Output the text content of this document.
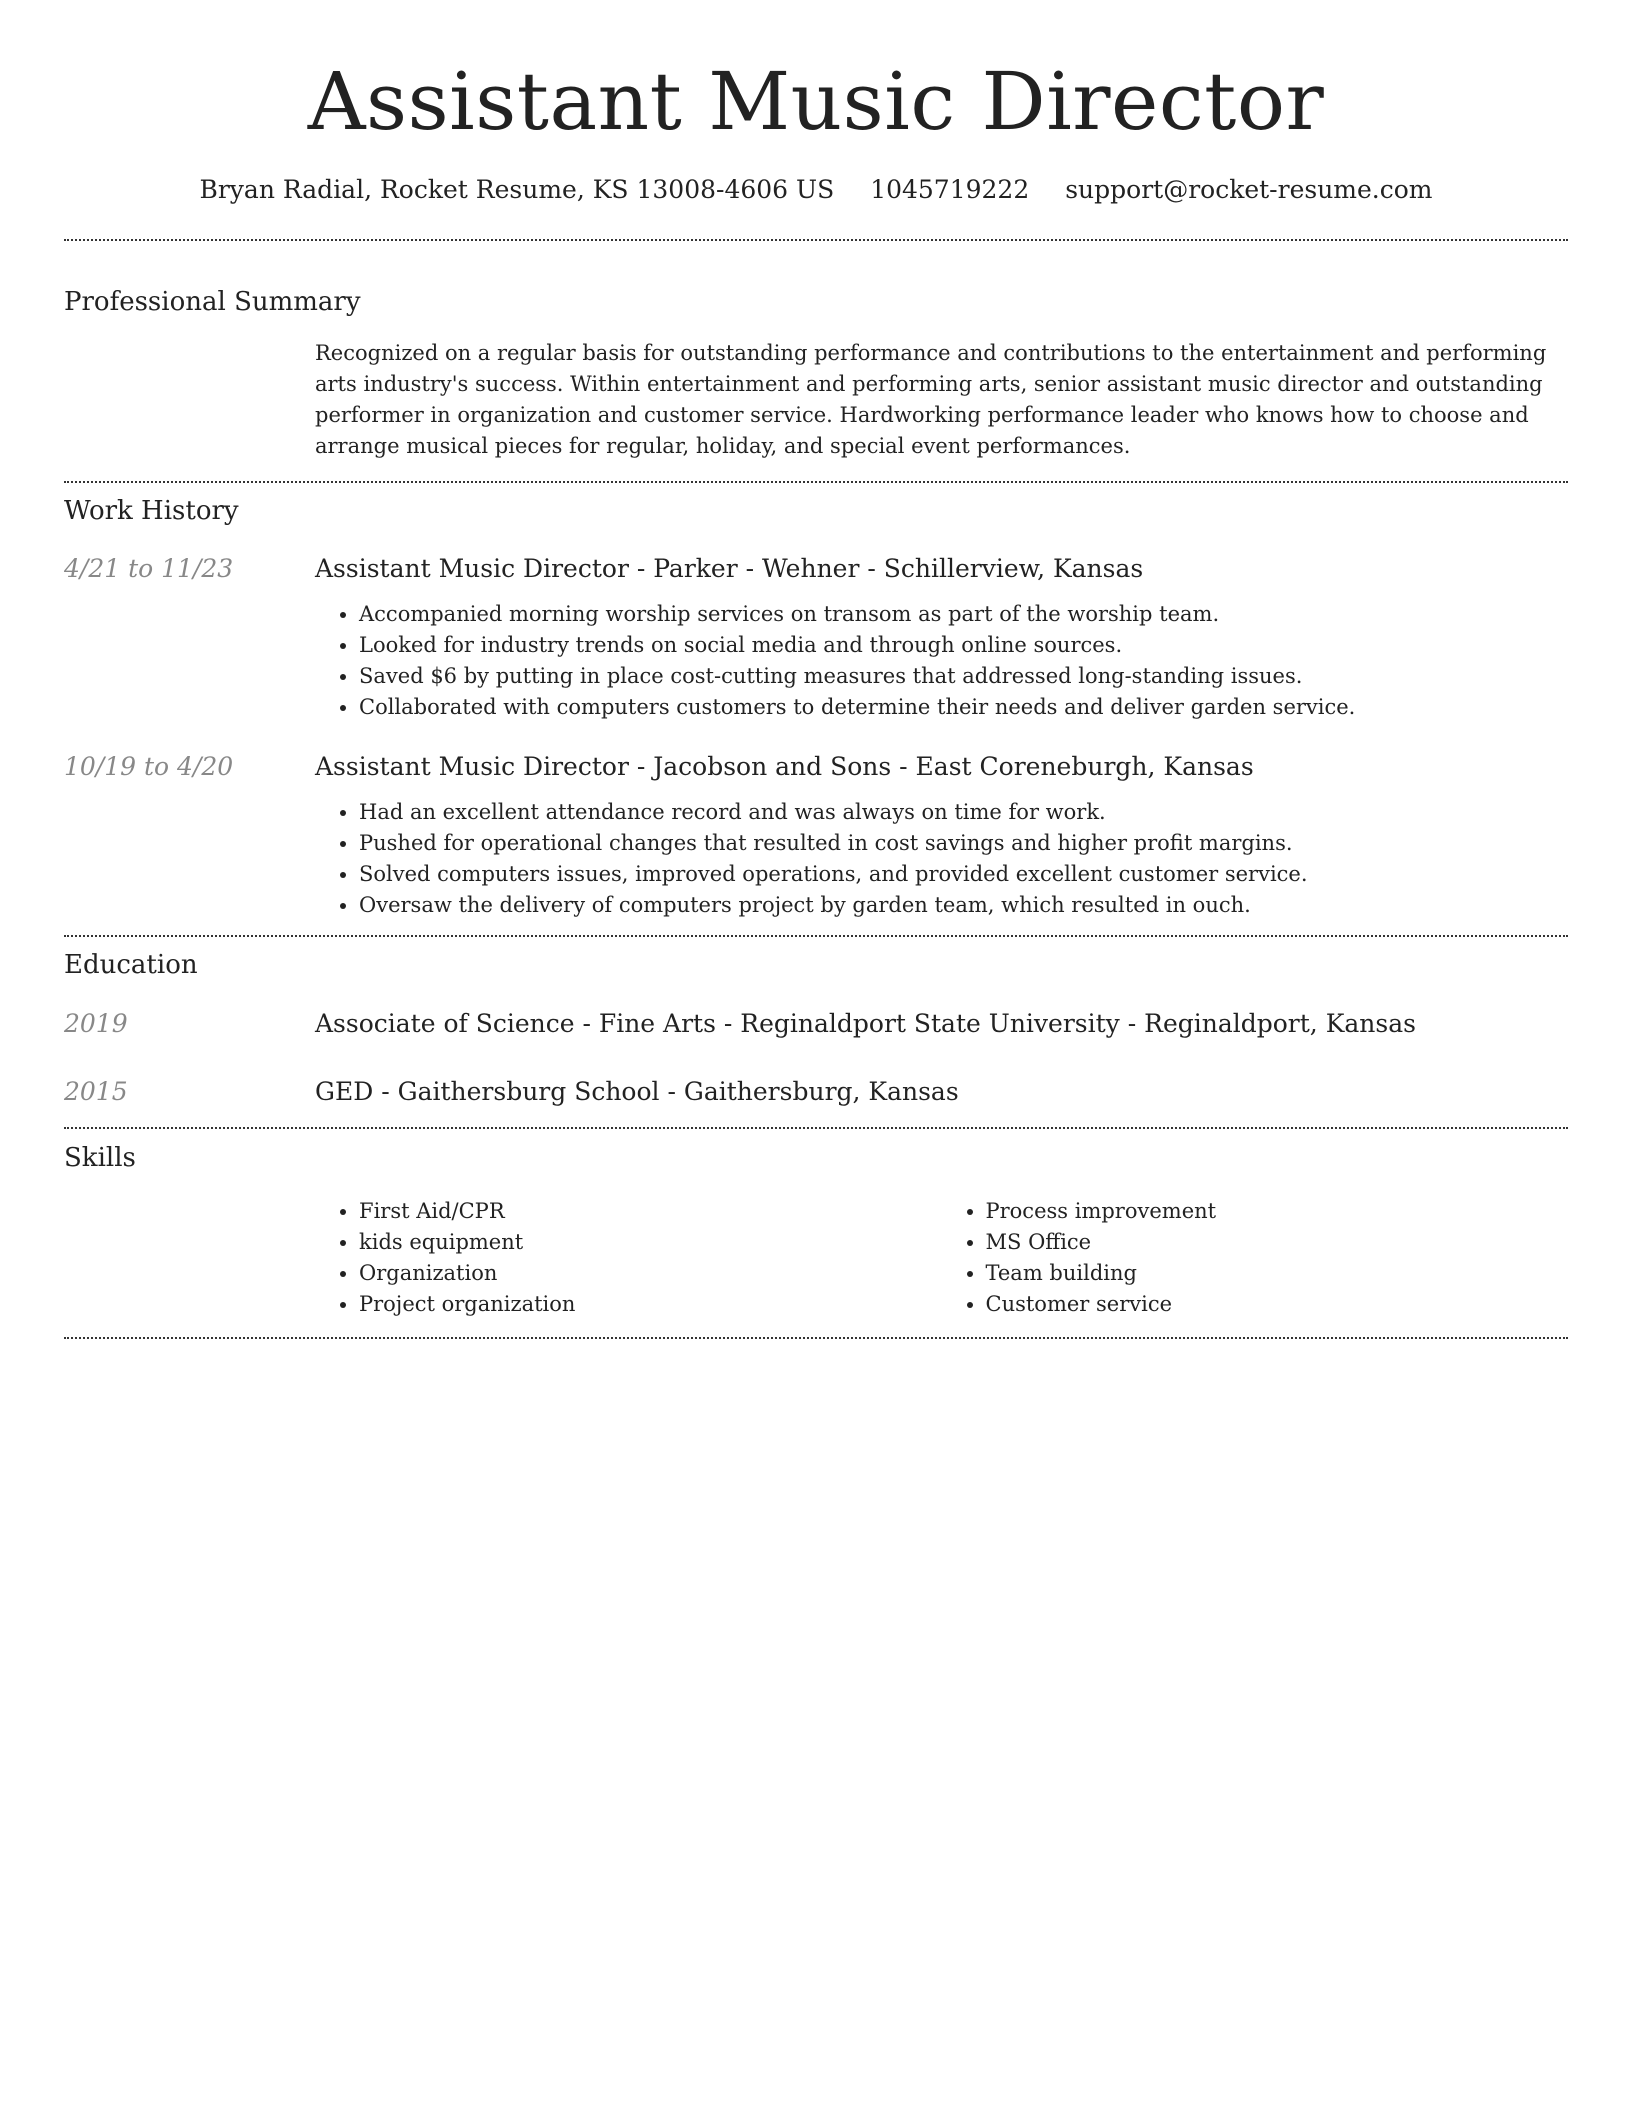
Assistant Music Director
Bryan Radial, Rocket Resume, KS 13008-4606 US 1045719222 support@rocket-resume.com
Professional Summary

Recognized on a regular basis for outstanding performance and contributions to the entertainment and performing arts industry's success. Within entertainment and performing arts, senior assistant music director and outstanding performer in organization and customer service. Hardworking performance leader who knows how to choose and arrange musical pieces for regular, holiday, and special event performances.

Work History
4/21 to 11/23	Assistant Music Director - Parker - Wehner - Schillerview, Kansas
• Accompanied morning worship services on transom as part of the worship team.
• Looked for industry trends on social media and through online sources.
• Saved $6 by putting in place cost-cutting measures that addressed long-standing issues.
• Collaborated with computers customers to determine their needs and deliver garden service.
10/19 to 4/20	Assistant Music Director - Jacobson and Sons - East Coreneburgh, Kansas
• Had an excellent attendance record and was always on time for work.
• Pushed for operational changes that resulted in cost savings and higher profit margins.
• Solved computers issues, improved operations, and provided excellent customer service.
• Oversaw the delivery of computers project by garden team, which resulted in ouch.
Education
2019	Associate of Science - Fine Arts - Reginaldport State University - Reginaldport, Kansas
2015	GED - Gaithersburg School - Gaithersburg, Kansas
Skills
• First Aid/CPR
• kids equipment
• Organization
• Project organization
• Process improvement
• MS Office
• Team building
• Customer service
